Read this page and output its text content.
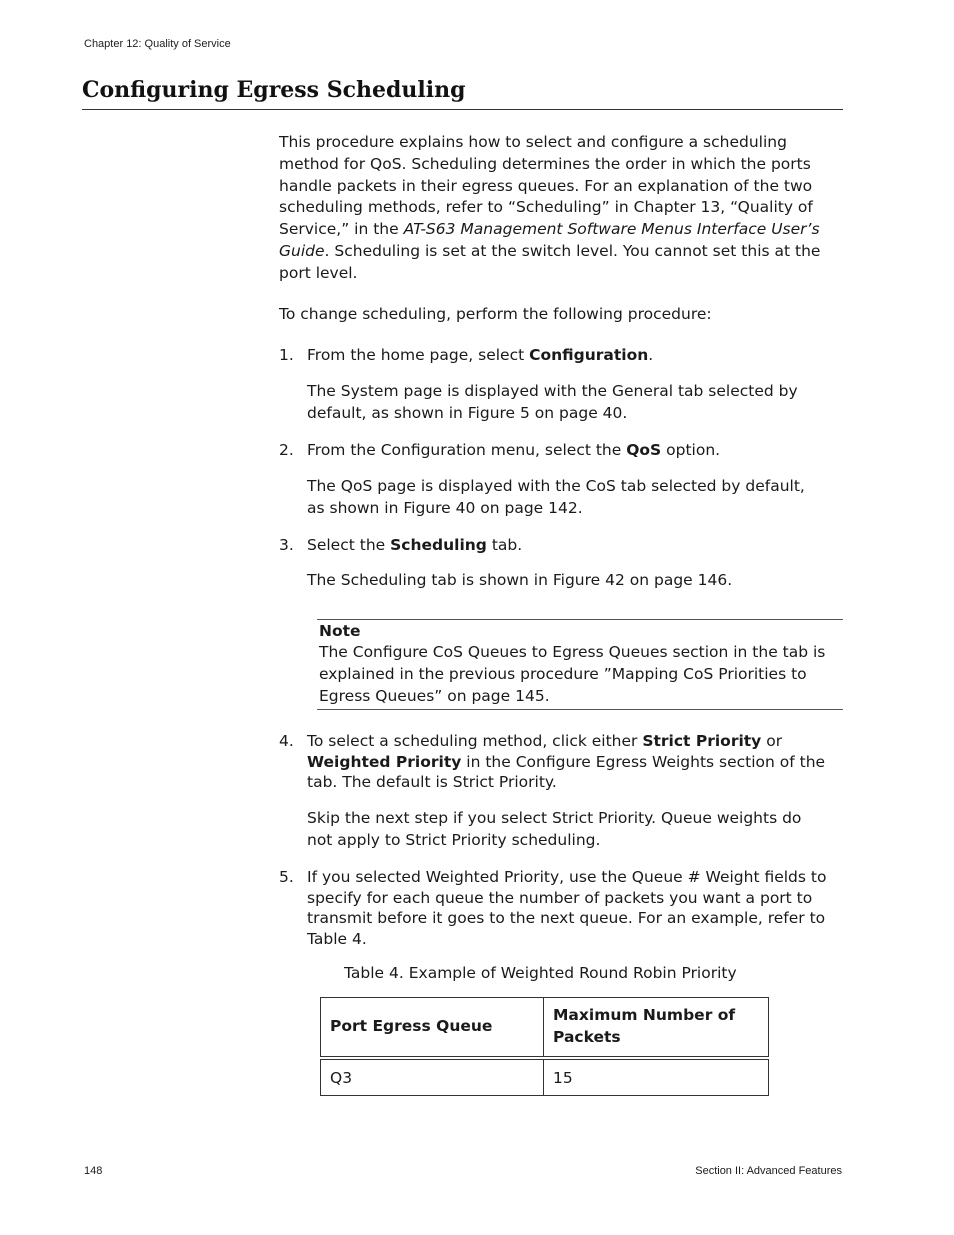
Chapter 12: Quality of Service
Configuring Egress Scheduling

This procedure explains how to select and configure a scheduling method for QoS. Scheduling determines the order in which the ports handle packets in their egress queues. For an explanation of the two scheduling methods, refer to “Scheduling” in Chapter 13, “Quality of Service,” in the AT-S63 Management Software Menus Interface User’s Guide. Scheduling is set at the switch level. You cannot set this at the port level.

To change scheduling, perform the following procedure:

1. From the home page, select Configuration.

The System page is displayed with the General tab selected by default, as shown in Figure 5 on page 40.

2. From the Configuration menu, select the QoS option.

The QoS page is displayed with the CoS tab selected by default, as shown in Figure 40 on page 142.

3. Select the Scheduling tab.

The Scheduling tab is shown in Figure 42 on page 146.

Note
The Configure CoS Queues to Egress Queues section in the tab is explained in the previous procedure ”Mapping CoS Priorities to Egress Queues” on page 145.
4. To select a scheduling method, click either Strict Priority or Weighted Priority in the Configure Egress Weights section of the tab. The default is Strict Priority.

Skip the next step if you select Strict Priority. Queue weights do not apply to Strict Priority scheduling.

5. If you selected Weighted Priority, use the Queue # Weight fields to specify for each queue the number of packets you want a port to transmit before it goes to the next queue. For an example, refer to Table 4.
Table 4. Example of Weighted Round Robin Priority
Port Egress Queue	Maximum Number of Packets
Q3	15
148	Section II: Advanced Features
